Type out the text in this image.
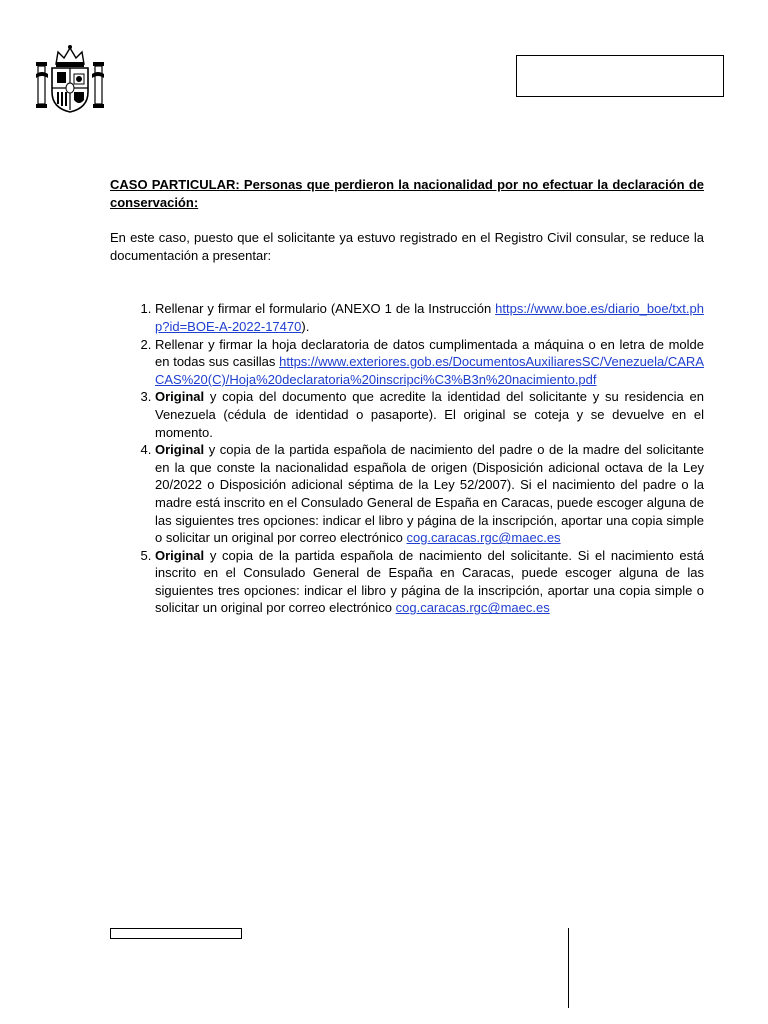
CASO PARTICULAR: Personas que perdieron la nacionalidad por no efectuar la declaración de conservación:

En este caso, puesto que el solicitante ya estuvo registrado en el Registro Civil consular, se reduce la documentación a presentar:

1. Rellenar y firmar el formulario (ANEXO 1 de la Instrucción https://www.boe.es/diario_boe/txt.php?id=BOE-A-2022-17470).
2. Rellenar y firmar la hoja declaratoria de datos cumplimentada a máquina o en letra de molde en todas sus casillas https://www.exteriores.gob.es/DocumentosAuxiliaresSC/Venezuela/CARACAS%20(C)/Hoja%20declaratoria%20inscripci%C3%B3n%20nacimiento.pdf
3. Original y copia del documento que acredite la identidad del solicitante y su residencia en Venezuela (cédula de identidad o pasaporte). El original se coteja y se devuelve en el momento.
4. Original y copia de la partida española de nacimiento del padre o de la madre del solicitante en la que conste la nacionalidad española de origen (Disposición adicional octava de la Ley 20/2022 o Disposición adicional séptima de la Ley 52/2007). Si el nacimiento del padre o la madre está inscrito en el Consulado General de España en Caracas, puede escoger alguna de las siguientes tres opciones: indicar el libro y página de la inscripción, aportar una copia simple o solicitar un original por correo electrónico cog.caracas.rgc@maec.es
5. Original y copia de la partida española de nacimiento del solicitante. Si el nacimiento está inscrito en el Consulado General de España en Caracas, puede escoger alguna de las siguientes tres opciones: indicar el libro y página de la inscripción, aportar una copia simple o solicitar un original por correo electrónico cog.caracas.rgc@maec.es
